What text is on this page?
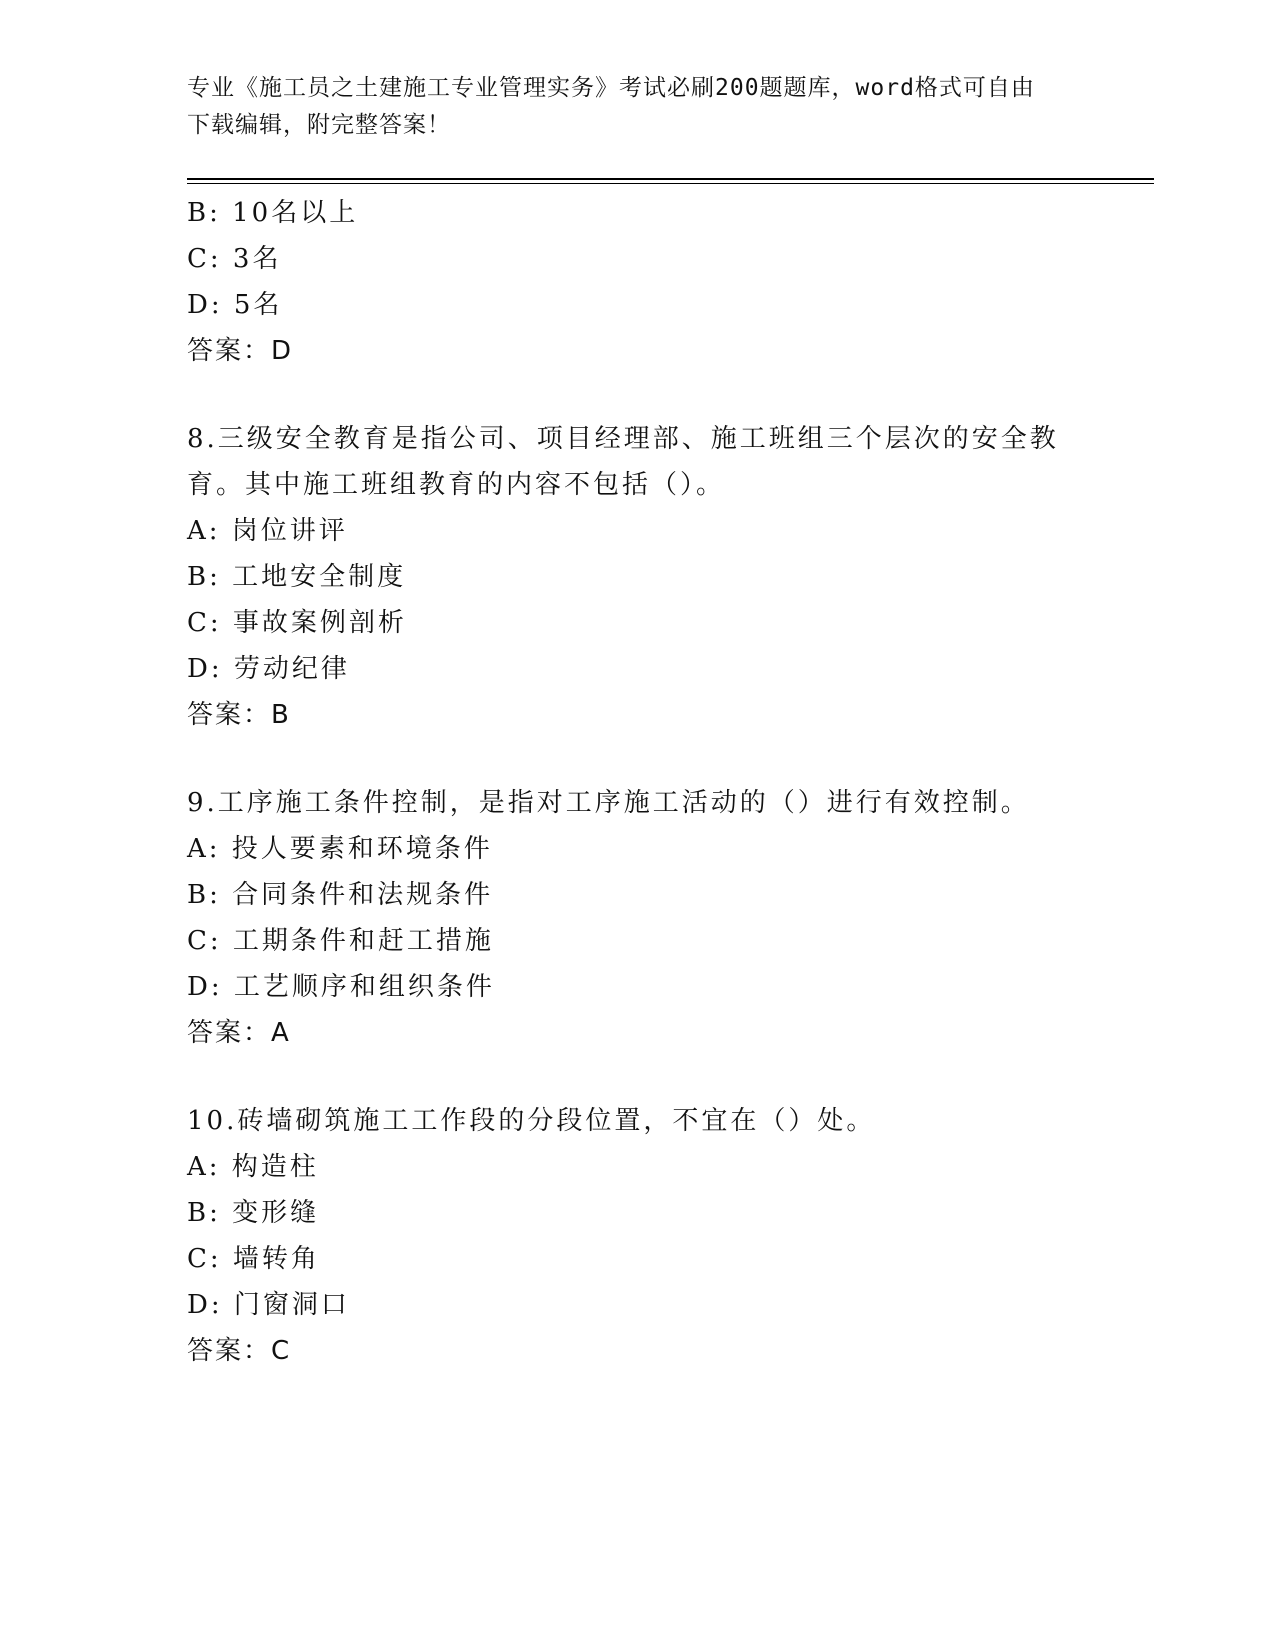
专业《施工员之土建施工专业管理实务》考试必刷200题题库，word格式可自由
下载编辑，附完整答案！
B: 10名以上
C: 3名
D: 5名
答案：D
8.三级安全教育是指公司、项目经理部、施工班组三个层次的安全教
育。其中施工班组教育的内容不包括（）。
A: 岗位讲评
B: 工地安全制度
C: 事故案例剖析
D: 劳动纪律
答案：B
9.工序施工条件控制，是指对工序施工活动的（）进行有效控制。
A: 投人要素和环境条件
B: 合同条件和法规条件
C: 工期条件和赶工措施
D: 工艺顺序和组织条件
答案：A
10.砖墙砌筑施工工作段的分段位置，不宜在（）处。
A: 构造柱
B: 变形缝
C: 墙转角
D: 门窗洞口
答案：C
